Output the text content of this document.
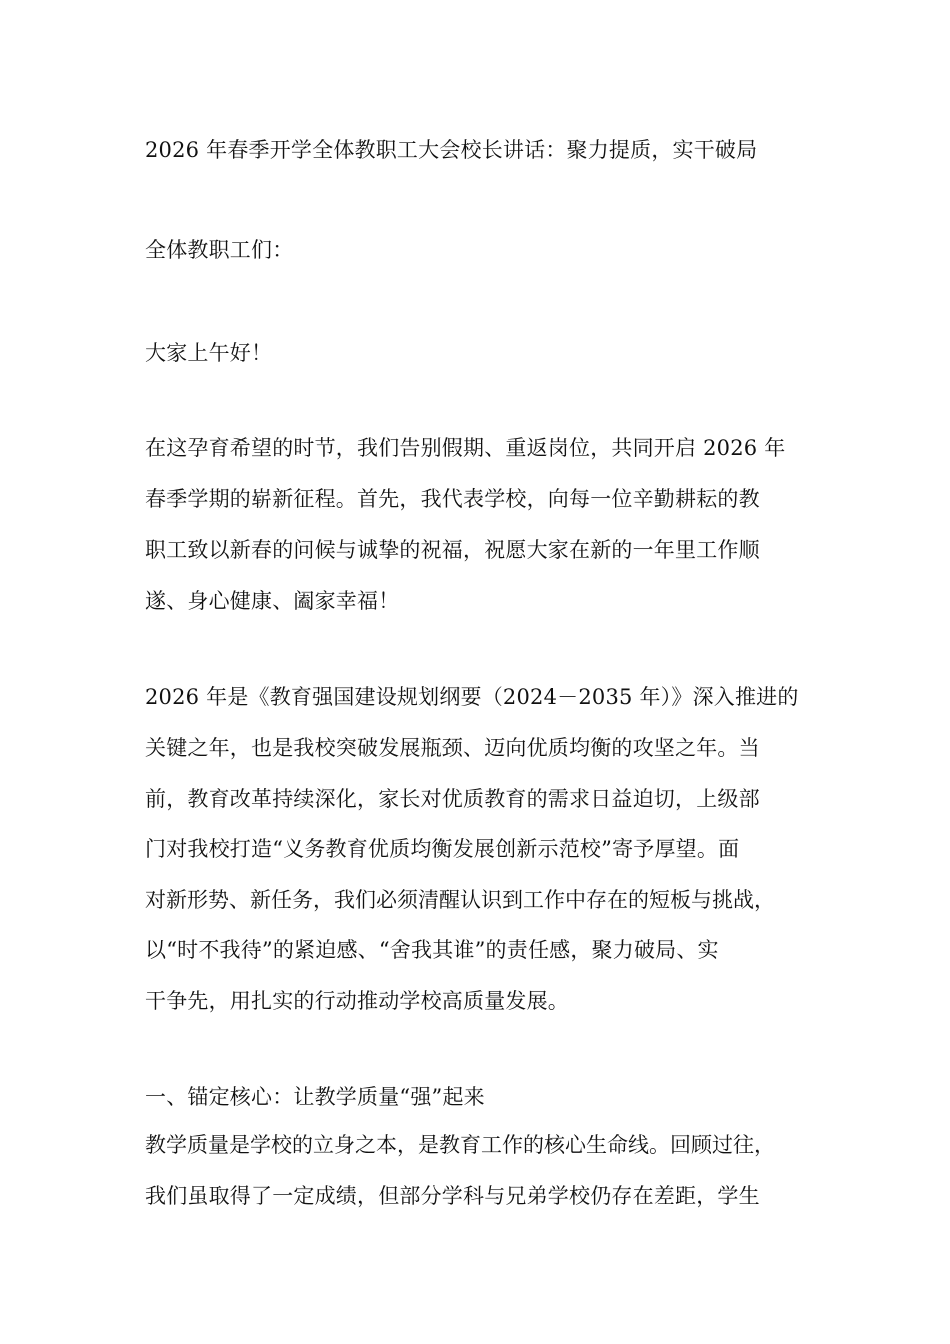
2026 年春季开学全体教职工大会校长讲话：聚力提质，实干破局
全体教职工们：
大家上午好！
在这孕育希望的时节，我们告别假期、重返岗位，共同开启 2026 年
春季学期的崭新征程。首先，我代表学校，向每一位辛勤耕耘的教
职工致以新春的问候与诚挚的祝福，祝愿大家在新的一年里工作顺
遂、身心健康、阖家幸福！
2026 年是《教育强国建设规划纲要（2024－2035 年）》深入推进的
关键之年，也是我校突破发展瓶颈、迈向优质均衡的攻坚之年。当
前，教育改革持续深化，家长对优质教育的需求日益迫切，上级部
门对我校打造“义务教育优质均衡发展创新示范校”寄予厚望。面
对新形势、新任务，我们必须清醒认识到工作中存在的短板与挑战，
以“时不我待”的紧迫感、“舍我其谁”的责任感，聚力破局、实
干争先，用扎实的行动推动学校高质量发展。
一、锚定核心：让教学质量“强”起来
教学质量是学校的立身之本，是教育工作的核心生命线。回顾过往，
我们虽取得了一定成绩，但部分学科与兄弟学校仍存在差距，学生
